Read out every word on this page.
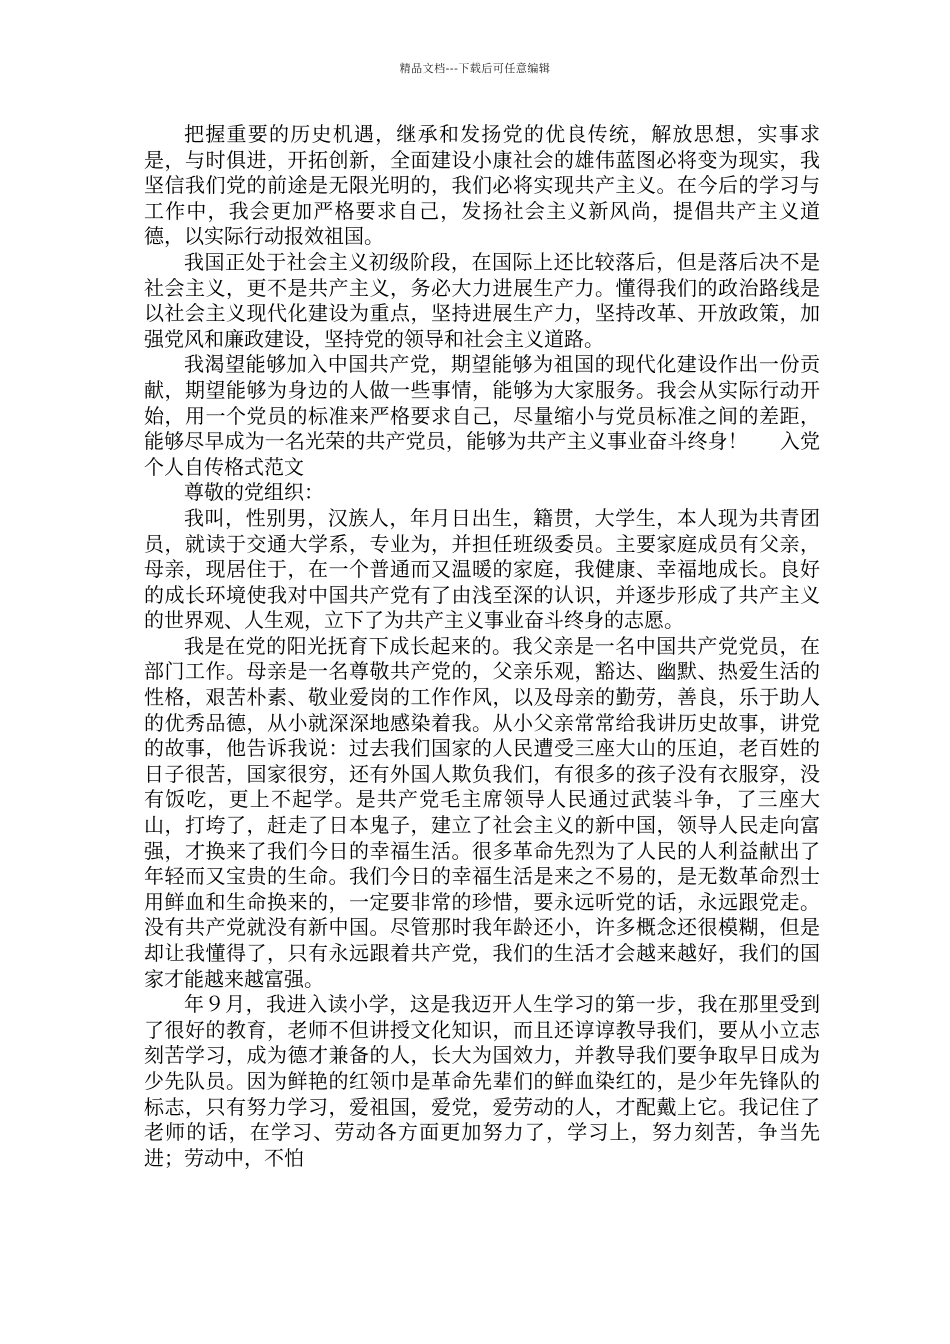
精品文档---下载后可任意编辑

把握重要的历史机遇，继承和发扬党的优良传统，解放思想，实事求是，与时俱进，开拓创新，全面建设小康社会的雄伟蓝图必将变为现实，我坚信我们党的前途是无限光明的，我们必将实现共产主义。在今后的学习与工作中，我会更加严格要求自己，发扬社会主义新风尚，提倡共产主义道德，以实际行动报效祖国。

我国正处于社会主义初级阶段，在国际上还比较落后，但是落后决不是社会主义，更不是共产主义，务必大力进展生产力。懂得我们的政治路线是以社会主义现代化建设为重点，坚持进展生产力，坚持改革、开放政策，加强党风和廉政建设，坚持党的领导和社会主义道路。

我渴望能够加入中国共产党，期望能够为祖国的现代化建设作出一份贡献，期望能够为身边的人做一些事情，能够为大家服务。我会从实际行动开始，用一个党员的标准来严格要求自己，尽量缩小与党员标准之间的差距，能够尽早成为一名光荣的共产党员，能够为共产主义事业奋斗终身！ 入党个人自传格式范文

尊敬的党组织：

我叫，性别男，汉族人，年月日出生，籍贯，大学生，本人现为共青团员，就读于交通大学系，专业为，并担任班级委员。主要家庭成员有父亲，母亲，现居住于，在一个普通而又温暖的家庭，我健康、幸福地成长。良好的成长环境使我对中国共产党有了由浅至深的认识，并逐步形成了共产主义的世界观、人生观，立下了为共产主义事业奋斗终身的志愿。

我是在党的阳光抚育下成长起来的。我父亲是一名中国共产党党员，在部门工作。母亲是一名尊敬共产党的，父亲乐观，豁达、幽默、热爱生活的性格，艰苦朴素、敬业爱岗的工作作风，以及母亲的勤劳，善良，乐于助人的优秀品德，从小就深深地感染着我。从小父亲常常给我讲历史故事，讲党的故事，他告诉我说：过去我们国家的人民遭受三座大山的压迫，老百姓的日子很苦，国家很穷，还有外国人欺负我们，有很多的孩子没有衣服穿，没有饭吃，更上不起学。是共产党毛主席领导人民通过武装斗争，了三座大山，打垮了，赶走了日本鬼子，建立了社会主义的新中国，领导人民走向富强，才换来了我们今日的幸福生活。很多革命先烈为了人民的人利益献出了年轻而又宝贵的生命。我们今日的幸福生活是来之不易的，是无数革命烈士用鲜血和生命换来的，一定要非常的珍惜，要永远听党的话，永远跟党走。没有共产党就没有新中国。尽管那时我年龄还小，许多概念还很模糊，但是却让我懂得了，只有永远跟着共产党，我们的生活才会越来越好，我们的国家才能越来越富强。

年９月，我进入读小学，这是我迈开人生学习的第一步，我在那里受到了很好的教育，老师不但讲授文化知识，而且还谆谆教导我们，要从小立志刻苦学习，成为德才兼备的人，长大为国效力，并教导我们要争取早日成为少先队员。因为鲜艳的红领巾是革命先辈们的鲜血染红的，是少年先锋队的标志，只有努力学习，爱祖国，爱党，爱劳动的人，才配戴上它。我记住了老师的话，在学习、劳动各方面更加努力了，学习上，努力刻苦，争当先进；劳动中，不怕
